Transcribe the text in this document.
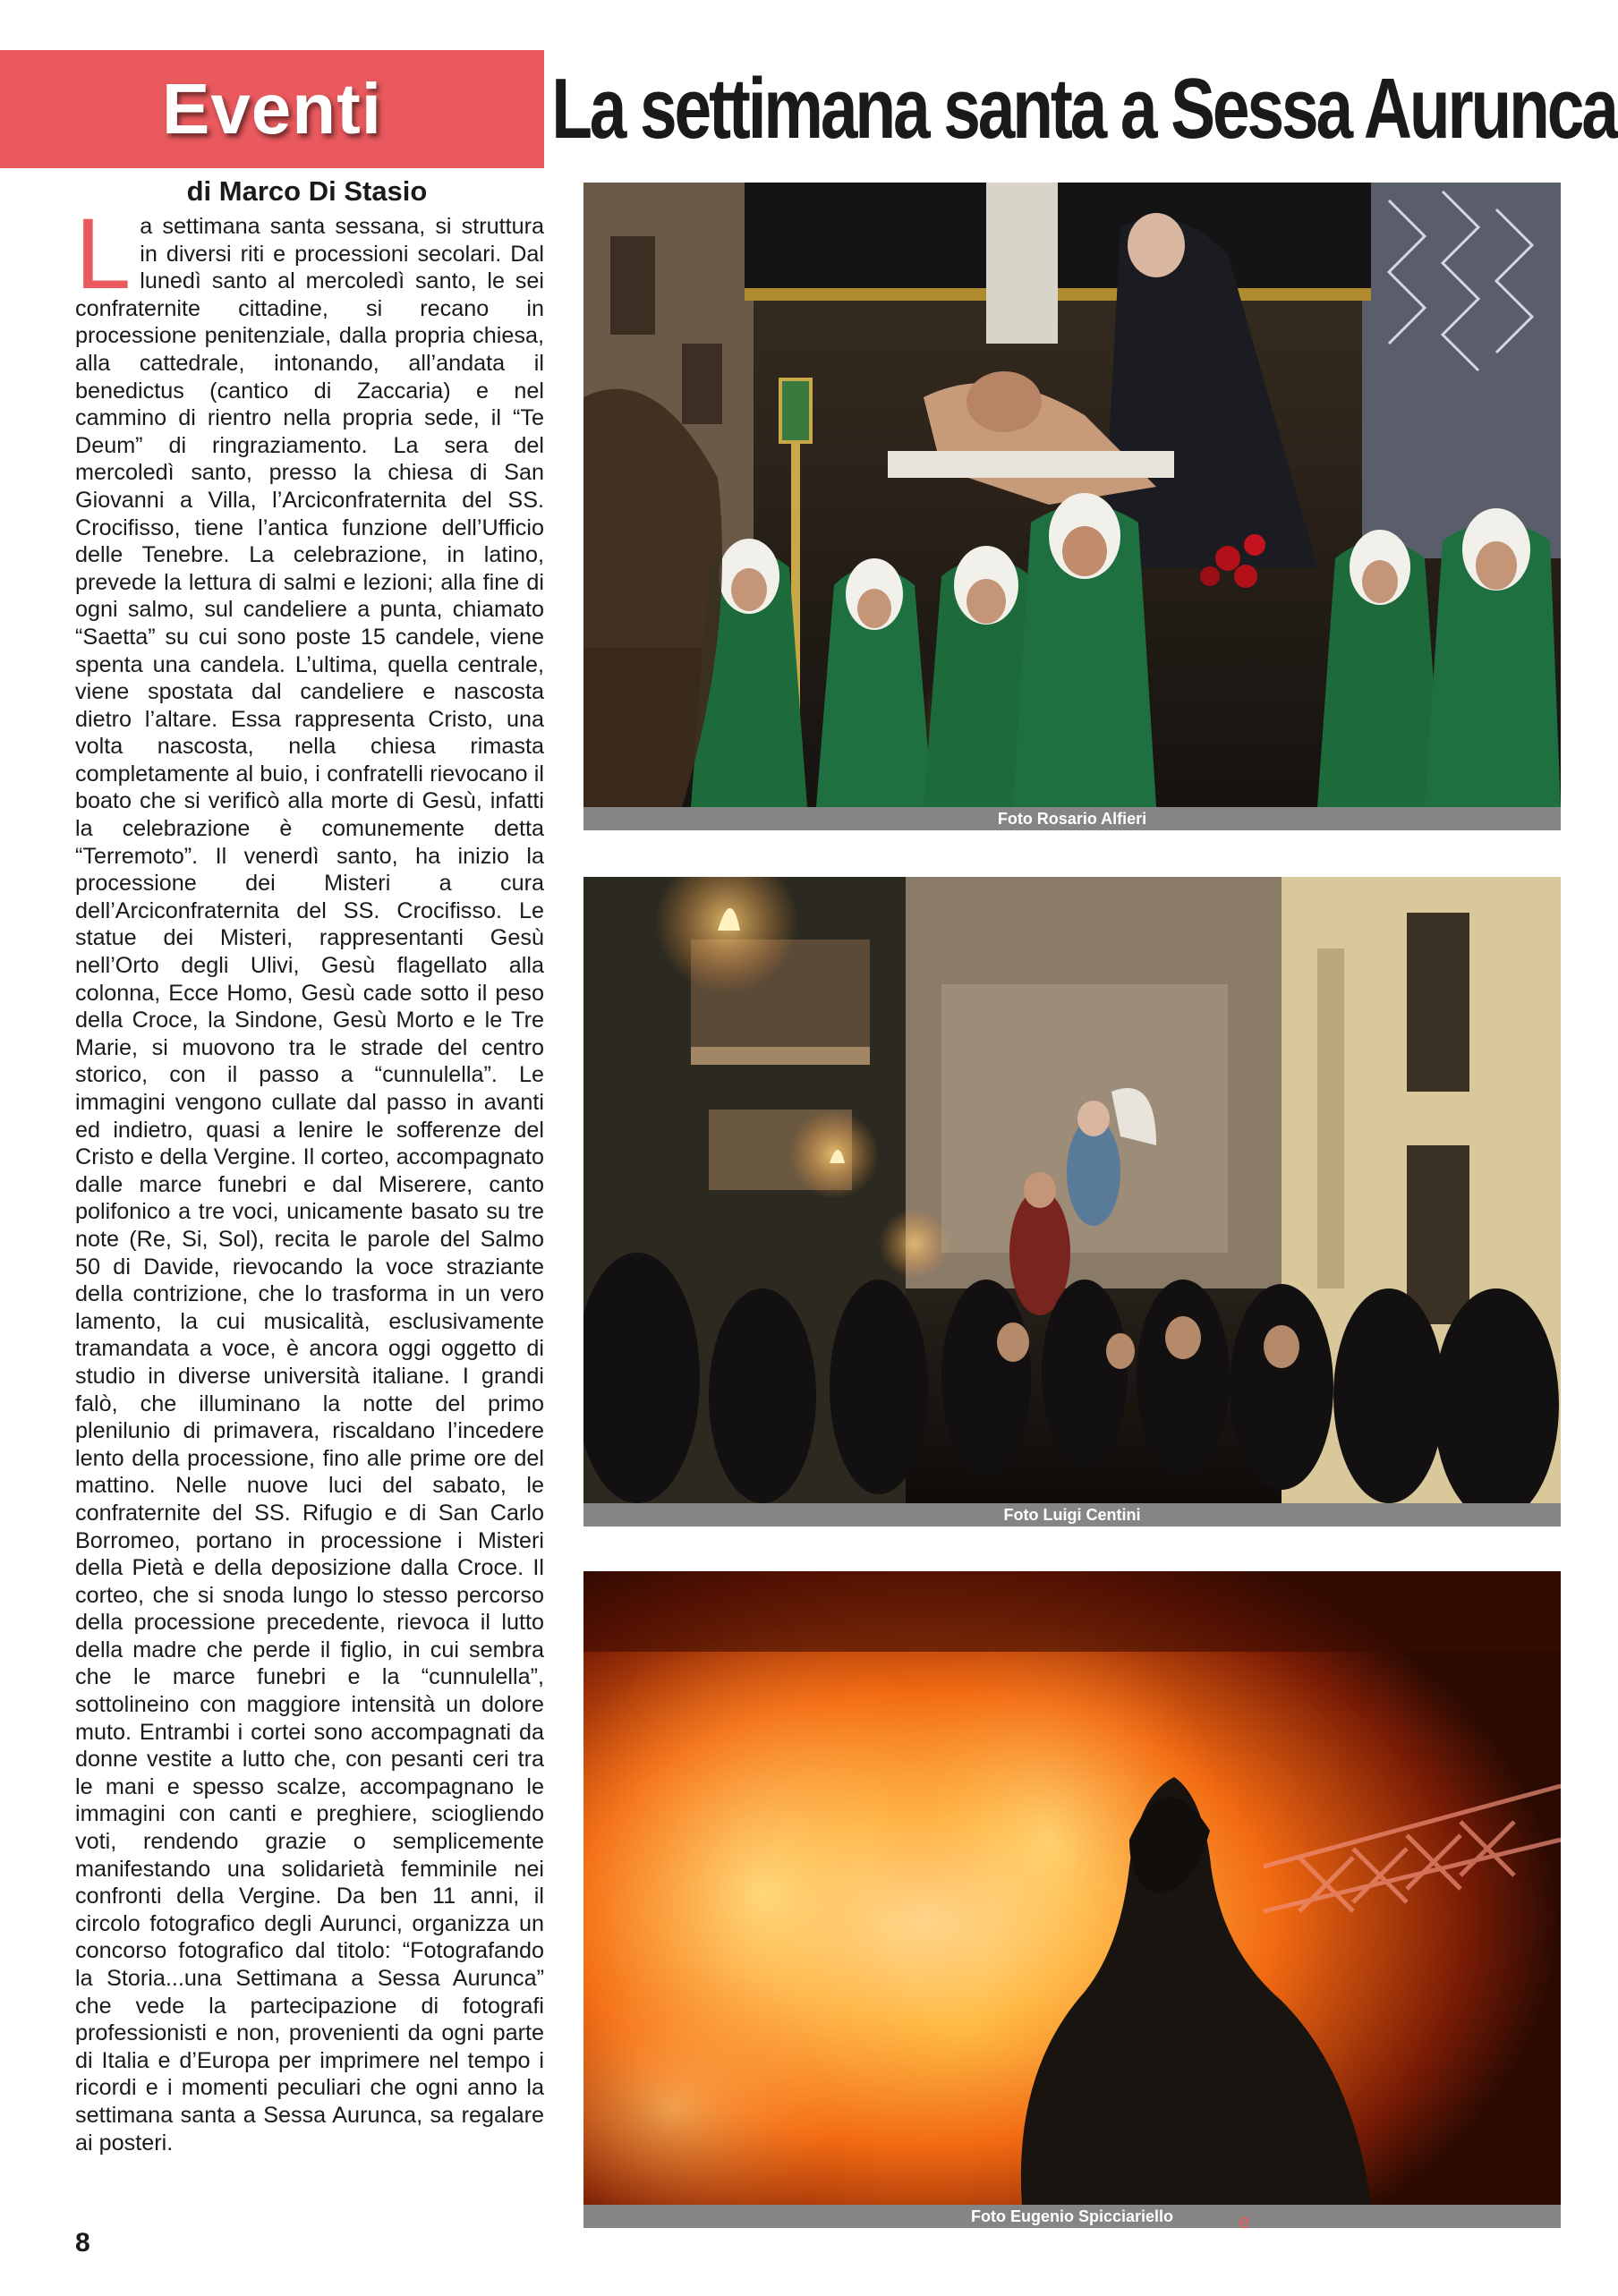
Eventi La settimana santa a Sessa Aurunca
di Marco Di Stasio
La settimana santa sessana, si struttura in diversi riti e processioni secolari. Dal lunedì santo al mercoledì santo, le sei confraternite cittadine, si recano in processione penitenziale, dalla propria chiesa, alla cattedrale, intonando, all’andata il benedictus (cantico di Zaccaria) e nel cammino di rientro nella propria sede, il “Te Deum” di ringraziamento. La sera del mercoledì santo, presso la chiesa di San Giovanni a Villa, l’Arciconfraternita del SS. Crocifisso, tiene l’antica funzione dell’Ufficio delle Tenebre. La celebrazione, in latino, prevede la lettura di salmi e lezioni; alla fine di ogni salmo, sul candeliere a punta, chiamato “Saetta” su cui sono poste 15 candele, viene spenta una candela. L’ultima, quella centrale, viene spostata dal candeliere e nascosta dietro l’altare. Essa rappresenta Cristo, una volta nascosta, nella chiesa rimasta completamente al buio, i confratelli rievocano il boato che si verificò alla morte di Gesù, infatti la celebrazione è comunemente detta “Terremoto”. Il venerdì santo, ha inizio la processione dei Misteri a cura dell’Arciconfraternita del SS. Crocifisso. Le statue dei Misteri, rappresentanti Gesù nell’Orto degli Ulivi, Gesù flagellato alla colonna, Ecce Homo, Gesù cade sotto il peso della Croce, la Sindone, Gesù Morto e le Tre Marie, si muovono tra le strade del centro storico, con il passo a “cunnulella”. Le immagini vengono cullate dal passo in avanti ed indietro, quasi a lenire le sofferenze del Cristo e della Vergine. Il corteo, accompagnato dalle marce funebri e dal Miserere, canto polifonico a tre voci, unicamente basato su tre note (Re, Si, Sol), recita le parole del Salmo 50 di Davide, rievocando la voce straziante della contrizione, che lo trasforma in un vero lamento, la cui musicalità, esclusivamente tramandata a voce, è ancora oggi oggetto di studio in diverse università italiane. I grandi falò, che illuminano la notte del primo plenilunio di primavera, riscaldano l’incedere lento della processione, fino alle prime ore del mattino. Nelle nuove luci del sabato, le confraternite del SS. Rifugio e di San Carlo Borromeo, portano in processione i Misteri della Pietà e della deposizione dalla Croce. Il corteo, che si snoda lungo lo stesso percorso della processione precedente, rievoca il lutto della madre che perde il figlio, in cui sembra che le marce funebri e la “cunnulella”, sottolineino con maggiore intensità un dolore muto. Entrambi i cortei sono accompagnati da donne vestite a lutto che, con pesanti ceri tra le mani e spesso scalze, accompagnano le immagini con canti e preghiere, sciogliendo voti, rendendo grazie o semplicemente manifestando una solidarietà femminile nei confronti della Vergine. Da ben 11 anni, il circolo fotografico degli Aurunci, organizza un concorso fotografico dal titolo: “Fotografando la Storia...una Settimana a Sessa Aurunca” che vede la partecipazione di fotografi professionisti e non, provenienti da ogni parte di Italia e d’Europa per imprimere nel tempo i ricordi e i momenti peculiari che ogni anno la settimana santa a Sessa Aurunca, sa regalare ai posteri.
Foto Rosario Alfieri
Foto Luigi Centini
Foto Eugenio Spicciariello
8
e
